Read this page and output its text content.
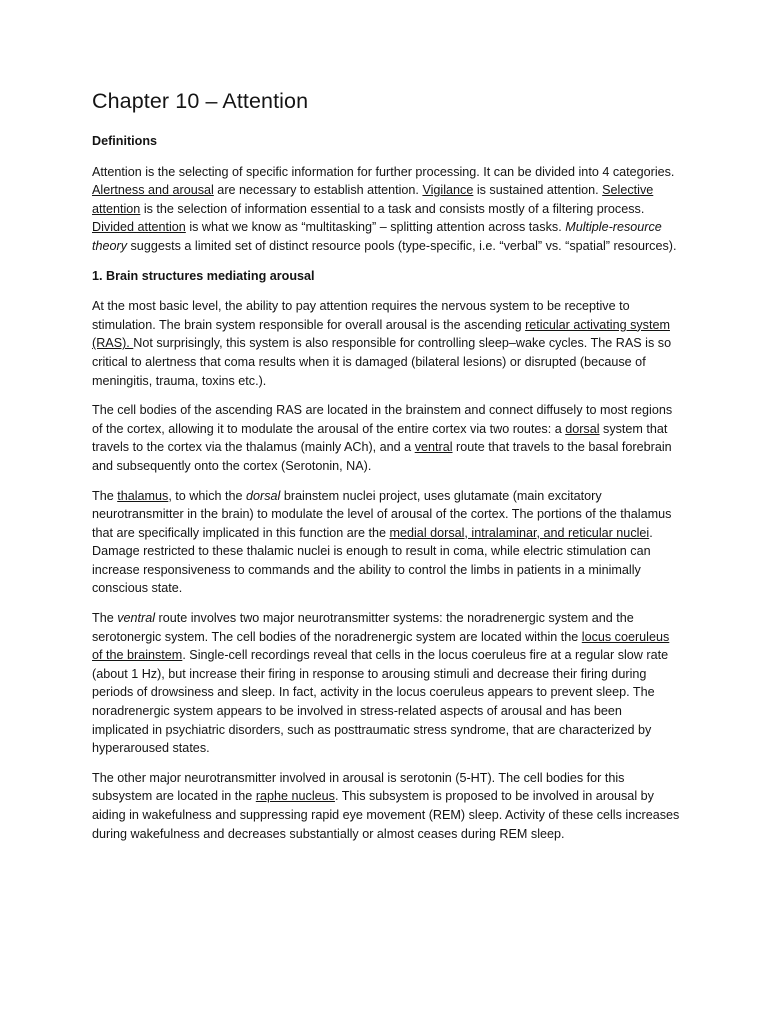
Chapter 10 – Attention
Definitions

Attention is the selecting of specific information for further processing. It can be divided into 4 categories. Alertness and arousal are necessary to establish attention. Vigilance is sustained attention. Selective attention is the selection of information essential to a task and consists mostly of a filtering process. Divided attention is what we know as “multitasking” – splitting attention across tasks. Multiple-resource theory suggests a limited set of distinct resource pools (type-specific, i.e. “verbal” vs. “spatial” resources).

1. Brain structures mediating arousal

At the most basic level, the ability to pay attention requires the nervous system to be receptive to stimulation. The brain system responsible for overall arousal is the ascending reticular activating system (RAS). Not surprisingly, this system is also responsible for controlling sleep–wake cycles. The RAS is so critical to alertness that coma results when it is damaged (bilateral lesions) or disrupted (because of meningitis, trauma, toxins etc.).

The cell bodies of the ascending RAS are located in the brainstem and connect diffusely to most regions of the cortex, allowing it to modulate the arousal of the entire cortex via two routes: a dorsal system that travels to the cortex via the thalamus (mainly ACh), and a ventral route that travels to the basal forebrain and subsequently onto the cortex (Serotonin, NA).

The thalamus, to which the dorsal brainstem nuclei project, uses glutamate (main excitatory neurotransmitter in the brain) to modulate the level of arousal of the cortex. The portions of the thalamus that are specifically implicated in this function are the medial dorsal, intralaminar, and reticular nuclei. Damage restricted to these thalamic nuclei is enough to result in coma, while electric stimulation can increase responsiveness to commands and the ability to control the limbs in patients in a minimally conscious state.

The ventral route involves two major neurotransmitter systems: the noradrenergic system and the serotonergic system. The cell bodies of the noradrenergic system are located within the locus coeruleus of the brainstem. Single-cell recordings reveal that cells in the locus coeruleus fire at a regular slow rate (about 1 Hz), but increase their firing in response to arousing stimuli and decrease their firing during periods of drowsiness and sleep. In fact, activity in the locus coeruleus appears to prevent sleep. The noradrenergic system appears to be involved in stress-related aspects of arousal and has been implicated in psychiatric disorders, such as posttraumatic stress syndrome, that are characterized by hyperaroused states.

The other major neurotransmitter involved in arousal is serotonin (5-HT). The cell bodies for this subsystem are located in the raphe nucleus. This subsystem is proposed to be involved in arousal by aiding in wakefulness and suppressing rapid eye movement (REM) sleep. Activity of these cells increases during wakefulness and decreases substantially or almost ceases during REM sleep.
